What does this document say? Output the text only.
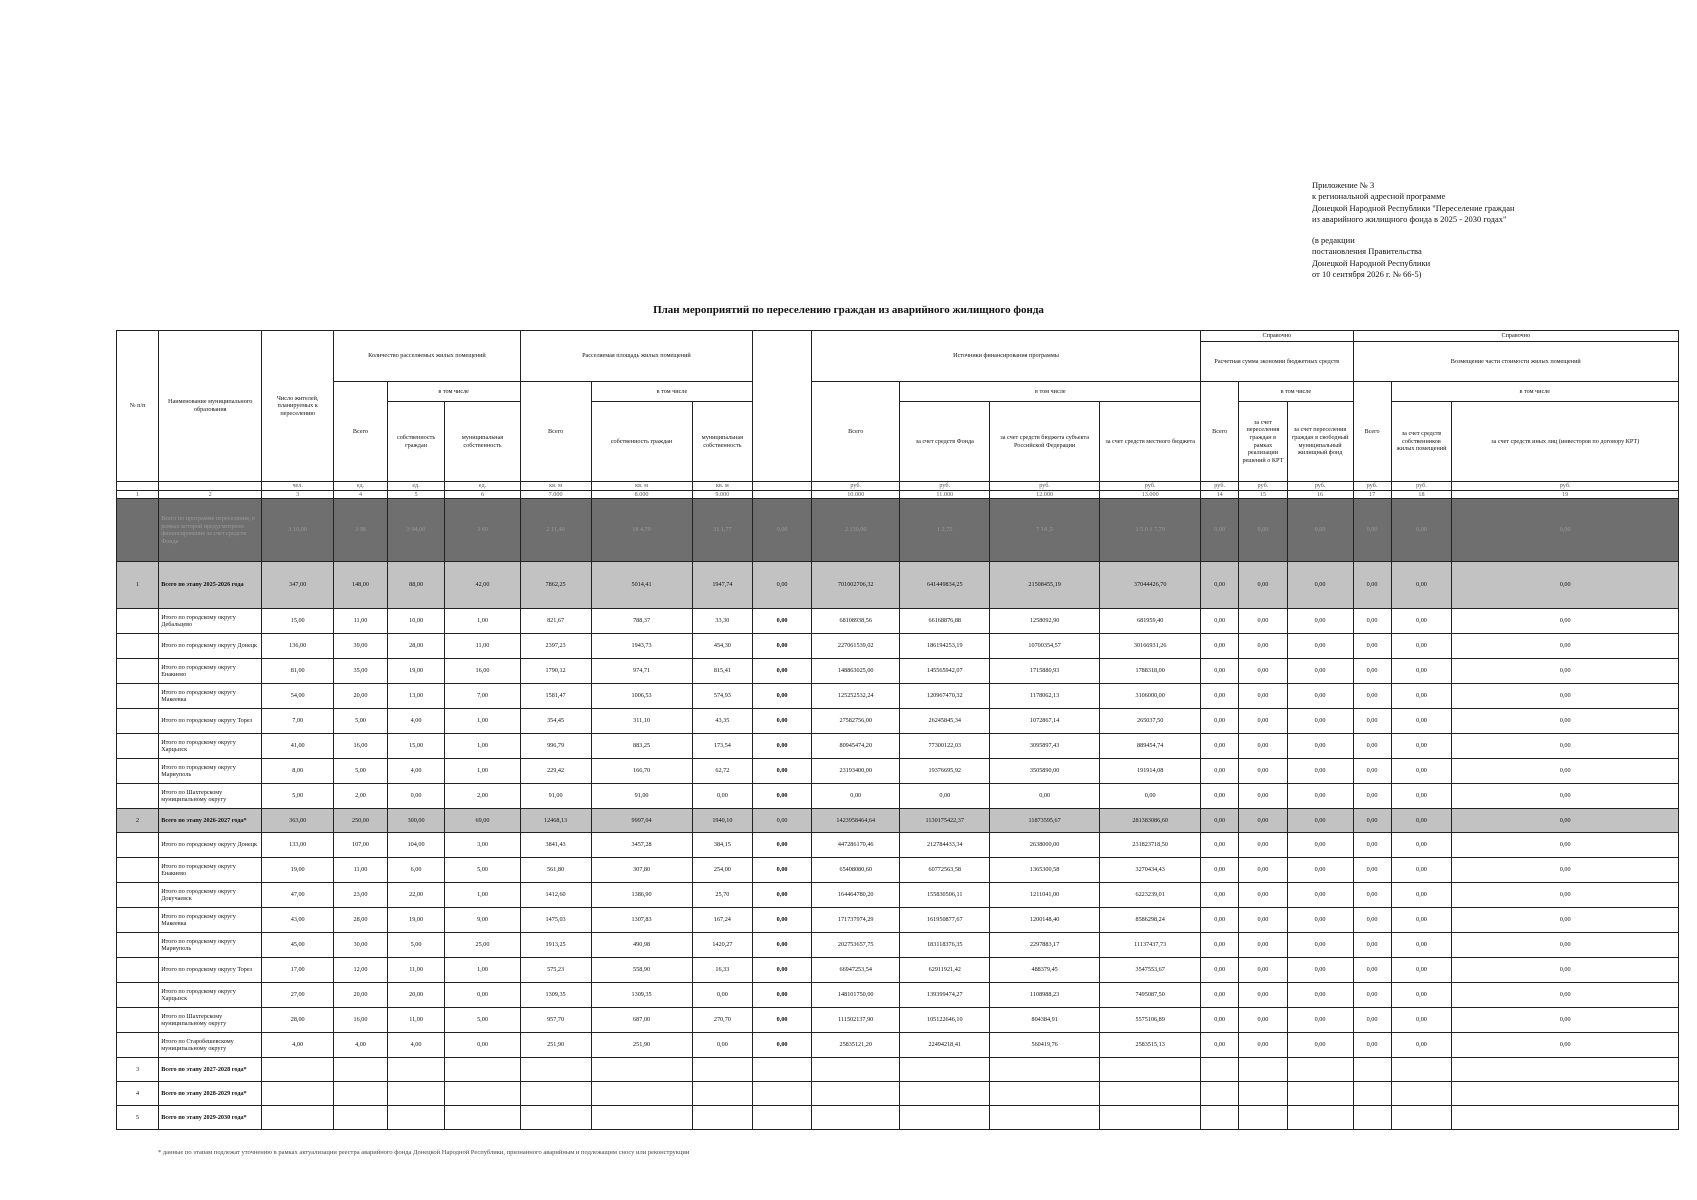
Приложение № 3
к региональной адресной программе
Донецкой Народной Республики "Переселение граждан
из аварийного жилищного фонда в 2025 - 2030 годах"
(в редакции
постановления Правительства
Донецкой Народной Республики
от 10 сентября 2026 г. № 66-5)
План мероприятий по переселению граждан из аварийного жилищного фонда
№ п/п	Наименование муниципального образования	Число жителей, планируемых к переселению	Количество расселяемых жилых помещений			Расселяемая площадь жилых помещений				Источники финансирования программы				Справочно			Справочно		
														Расчетная сумма экономии бюджетных средств			Возмещение части стоимости жилых помещений		
			Всего	в том числе		Всего	в том числе			Всего	в том числе			Всего	в том числе		Всего	в том числе	
				собственность граждан	муниципальная собственность		собственность граждан	муниципальная собственность			за счет средств Фонда	за счет средств бюджета субъекта Российской Федерации	за счет средств местного бюджета		за счет переселения граждан в рамках реализации решений о КРТ	за счет переселения граждан в свободный муниципальный жилищный фонд		за счет средств собственников жилых помещений	за счет средств иных лиц (инвесторов по договору КРТ)
		чел.	ед.	ед.	ед.	кв. м	кв. м	кв. м		руб.	руб.	руб.	руб.	руб.	руб.	руб.	руб.	руб.	руб.
1	2	3	4	5	6	7.000	8.000	9.000		10.000	11.000	12.000	13.000	14	15	16	17	18	19
	Всего по программе переселения, в рамках которой предусмотрено финансирование за счет средств Фонда	3 10,00	3 98	3 94,00	3 60	2 11,40	18 4,79	31 1,77	0,00	2 130,00	1 2,75	7 14 ,5	1 5 0 1 7,79	0,00	0,00	0,00	0,00	0,00	0,00
1	Всего по этапу 2025-2026 года	347,00	148,00	88,00	42,00	7862,25	5014,41	1947,74	0,00	701002706,32	641449834,25	21508455,19	37044426,70	0,00	0,00	0,00	0,00	0,00	0,00
	Итого по городскому округу Дебальцево	15,00	11,00	10,00	1,00	821,67	788,37	33,30	0,00	68108938,56	66168876,88	1258092,90	681959,40	0,00	0,00	0,00	0,00	0,00	0,00
	Итого по городскому округу Донецк	136,00	39,00	28,00	11,00	2397,23	1943,73	454,30	0,00	227061539,02	186194253,19	10700354,57	30166931,26	0,00	0,00	0,00	0,00	0,00	0,00
	Итого по городскому округу Енакиево	81,00	35,00	19,00	16,00	1790,12	974,71	815,41	0,00	148863025,00	145565942,07	1715880,93	1788318,00	0,00	0,00	0,00	0,00	0,00	0,00
	Итого по городскому округу Макеевка	54,00	20,00	13,00	7,00	1581,47	1006,53	574,93	0,00	125252532,24	120967470,32	1178062,13	3106000,00	0,00	0,00	0,00	0,00	0,00	0,00
	Итого по городскому округу Торез	7,00	5,00	4,00	1,00	354,45	311,10	43,35	0,00	27582756,00	26245845,34	1072867,14	265037,50	0,00	0,00	0,00	0,00	0,00	0,00
	Итого по городскому округу Харцызск	41,00	16,00	15,00	1,00	996,79	883,25	173,54	0,00	80945474,20	77300122,03	3095897,43	889454,74	0,00	0,00	0,00	0,00	0,00	0,00
	Итого по городскому округу Мариуполь	8,00	5,00	4,00	1,00	229,42	166,70	62,72	0,00	23193400,00	19376695,92	3505890,00	191914,08	0,00	0,00	0,00	0,00	0,00	0,00
	Итого по Шахтерскому муниципальному округу	5,00	2,00	0,00	2,00	91,00	91,00	0,00	0,00	0,00	0,00	0,00	0,00	0,00	0,00	0,00	0,00	0,00	0,00
2	Всего по этапу 2026-2027 года*	363,00	250,00	300,00	69,00	12468,13	9997,04	1940,10	0,00	1423958464,64	1130175422,37	11873595,67	281383086,60	0,00	0,00	0,00	0,00	0,00	0,00
	Итого по городскому округу Донецк	133,00	107,00	104,00	3,00	3841,43	3457,28	384,15	0,00	447286170,46	212784433,34	2638000,00	231823718,50	0,00	0,00	0,00	0,00	0,00	0,00
	Итого по городскому округу Енакиево	19,00	11,00	6,00	5,00	561,80	307,80	254,00	0,00	65408080,60	60772563,58	1365300,58	3270434,43	0,00	0,00	0,00	0,00	0,00	0,00
	Итого по городскому округу Докучаевск	47,00	23,00	22,00	1,00	1412,60	1386,90	25,70	0,00	164464780,20	155830506,11	1211041,00	6223239,01	0,00	0,00	0,00	0,00	0,00	0,00
	Итого по городскому округу Макеевка	43,00	28,00	19,00	9,00	1475,03	1307,83	167,24	0,00	171737974,29	161950877,67	1200148,40	8586298,24	0,00	0,00	0,00	0,00	0,00	0,00
	Итого по городскому округу Мариуполь	45,00	30,00	5,00	25,00	1913,25	490,98	1420,27	0,00	202753657,75	183118376,35	2297883,17	11137437,73	0,00	0,00	0,00	0,00	0,00	0,00
	Итого по городскому округу Торез	17,00	12,00	11,00	1,00	575,23	558,90	16,33	0,00	66947253,54	62911921,42	488379,45	3547553,67	0,00	0,00	0,00	0,00	0,00	0,00
	Итого по городскому округу Харцызск	27,00	20,00	20,00	0,00	1309,35	1309,35	0,00	0,00	148101750,00	139399474,27	1108988,23	7495087,50	0,00	0,00	0,00	0,00	0,00	0,00
	Итого по Шахтерскому муниципальному округу	28,00	16,00	11,00	5,00	957,70	687,00	270,70	0,00	111502137,90	105122646,10	804384,91	5575106,89	0,00	0,00	0,00	0,00	0,00	0,00
	Итого по Старобешевскому муниципальному округу	4,00	4,00	4,00	0,00	251,90	251,90	0,00	0,00	25835121,20	22494218,41	560419,76	2583515,13	0,00	0,00	0,00	0,00	0,00	0,00
3	Всего по этапу 2027-2028 года*																		
4	Всего по этапу 2028-2029 года*																		
5	Всего по этапу 2029-2030 года*																		
* данные по этапам подлежат уточнению в рамках актуализации реестра аварийного фонда Донецкой Народной Республики, признанного аварийным и подлежащим сносу или реконструкции
